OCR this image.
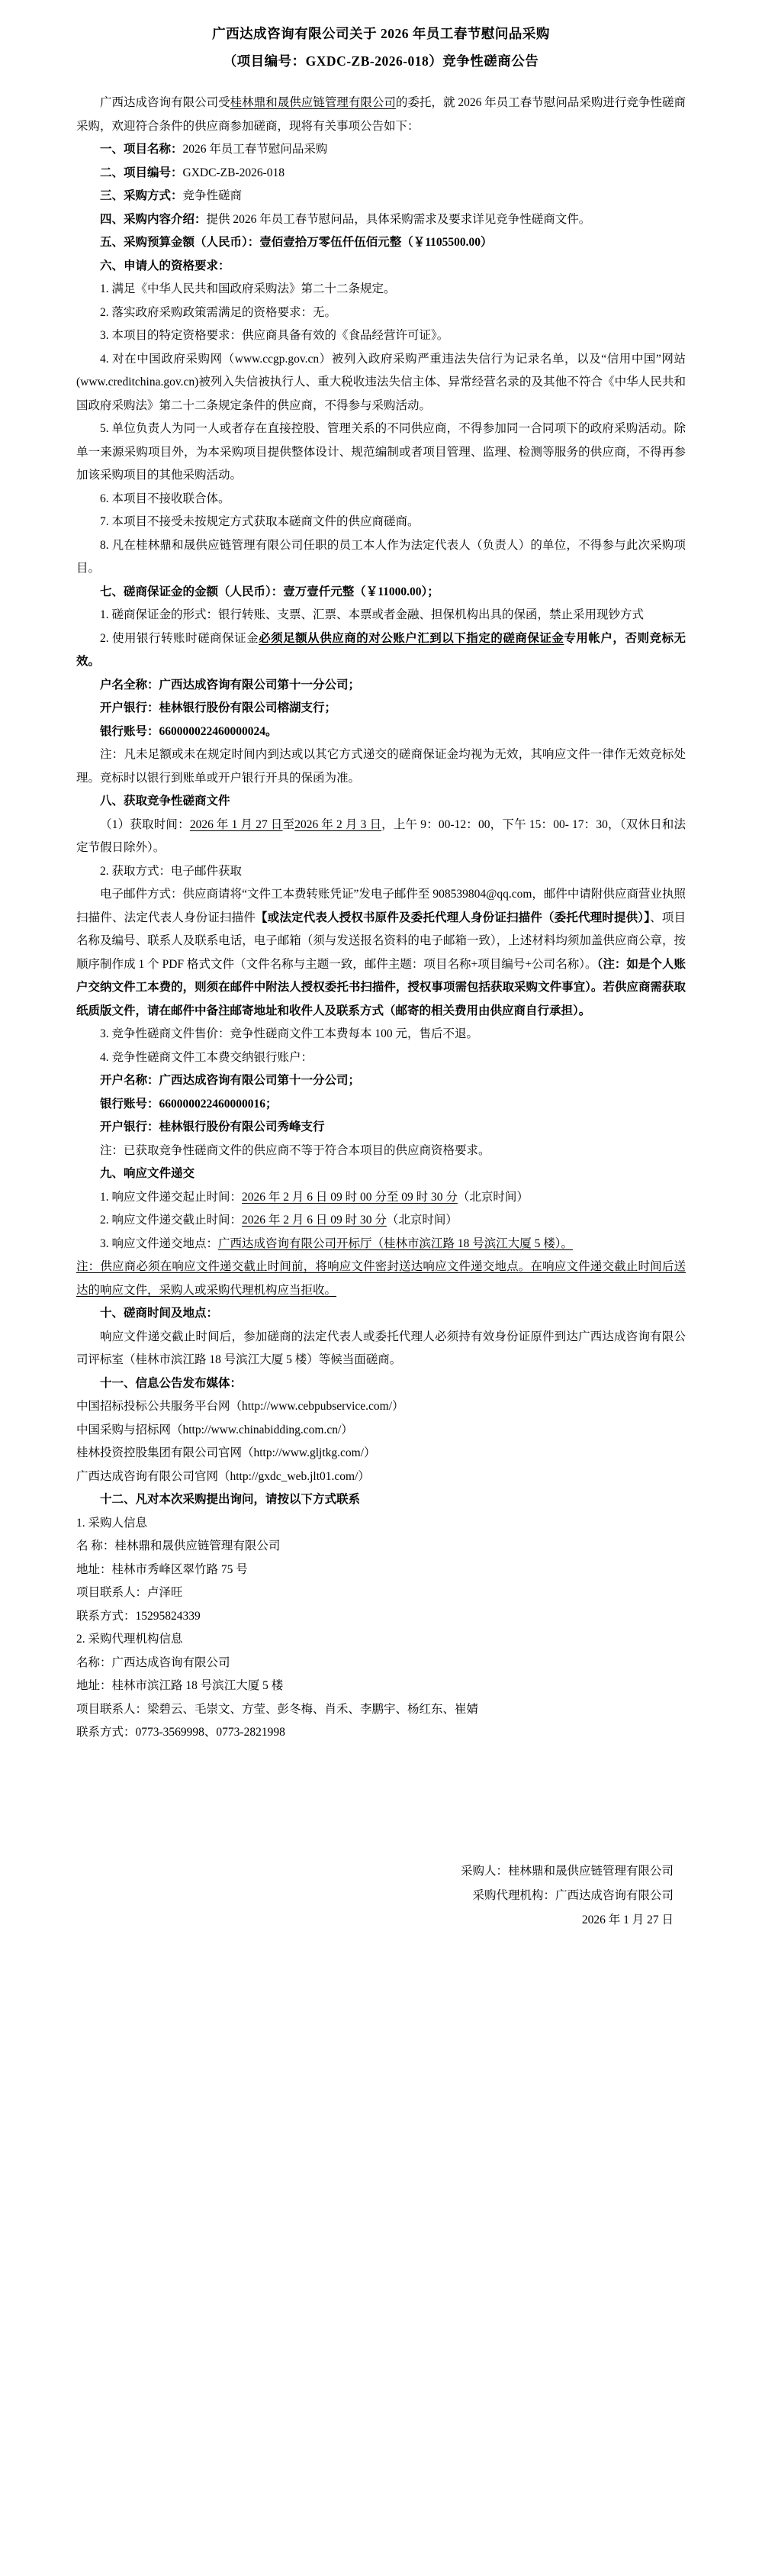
广西达成咨询有限公司关于 2026 年员工春节慰问品采购
（项目编号：GXDC-ZB-2026-018）竞争性磋商公告

广西达成咨询有限公司受桂林鼎和晟供应链管理有限公司的委托，就 2026 年员工春节慰问品采购进行竞争性磋商采购，欢迎符合条件的供应商参加磋商，现将有关事项公告如下：

一、项目名称：2026 年员工春节慰问品采购

二、项目编号：GXDC-ZB-2026-018

三、采购方式：竞争性磋商

四、采购内容介绍：提供 2026 年员工春节慰问品，具体采购需求及要求详见竞争性磋商文件。

五、采购预算金额（人民币）：壹佰壹拾万零伍仟伍佰元整（￥1105500.00）

六、申请人的资格要求：

1. 满足《中华人民共和国政府采购法》第二十二条规定。

2. 落实政府采购政策需满足的资格要求：无。

3. 本项目的特定资格要求：供应商具备有效的《食品经营许可证》。

4. 对在中国政府采购网（www.ccgp.gov.cn）被列入政府采购严重违法失信行为记录名单，以及“信用中国”网站(www.creditchina.gov.cn)被列入失信被执行人、重大税收违法失信主体、异常经营名录的及其他不符合《中华人民共和国政府采购法》第二十二条规定条件的供应商，不得参与采购活动。

5. 单位负责人为同一人或者存在直接控股、管理关系的不同供应商，不得参加同一合同项下的政府采购活动。除单一来源采购项目外，为本采购项目提供整体设计、规范编制或者项目管理、监理、检测等服务的供应商，不得再参加该采购项目的其他采购活动。

6. 本项目不接收联合体。

7. 本项目不接受未按规定方式获取本磋商文件的供应商磋商。

8. 凡在桂林鼎和晟供应链管理有限公司任职的员工本人作为法定代表人（负责人）的单位，不得参与此次采购项目。

七、磋商保证金的金额（人民币）：壹万壹仟元整（￥11000.00）；

1. 磋商保证金的形式：银行转账、支票、汇票、本票或者金融、担保机构出具的保函，禁止采用现钞方式

2. 使用银行转账时磋商保证金必须足额从供应商的对公账户汇到以下指定的磋商保证金专用帐户，否则竞标无效。

户名全称：广西达成咨询有限公司第十一分公司；

开户银行：桂林银行股份有限公司榕湖支行；

银行账号：660000022460000024。

注：凡未足额或未在规定时间内到达或以其它方式递交的磋商保证金均视为无效，其响应文件一律作无效竞标处理。竞标时以银行到账单或开户银行开具的保函为准。

八、获取竞争性磋商文件

（1）获取时间：2026 年 1 月 27 日至2026 年 2 月 3 日，上午 9：00-12：00，下午 15：00- 17：30，（双休日和法定节假日除外）。

2. 获取方式：电子邮件获取

电子邮件方式：供应商请将“文件工本费转账凭证”发电子邮件至 908539804@qq.com，邮件中请附供应商营业执照扫描件、法定代表人身份证扫描件【或法定代表人授权书原件及委托代理人身份证扫描件（委托代理时提供）】、项目名称及编号、联系人及联系电话，电子邮箱（须与发送报名资料的电子邮箱一致），上述材料均须加盖供应商公章，按顺序制作成 1 个 PDF 格式文件（文件名称与主题一致，邮件主题：项目名称+项目编号+公司名称）。（注：如是个人账户交纳文件工本费的，则须在邮件中附法人授权委托书扫描件，授权事项需包括获取采购文件事宜）。若供应商需获取纸质版文件，请在邮件中备注邮寄地址和收件人及联系方式（邮寄的相关费用由供应商自行承担）。

3. 竞争性磋商文件售价：竞争性磋商文件工本费每本 100 元，售后不退。

4. 竞争性磋商文件工本费交纳银行账户：

开户名称：广西达成咨询有限公司第十一分公司；

银行账号：660000022460000016；

开户银行：桂林银行股份有限公司秀峰支行

注：已获取竞争性磋商文件的供应商不等于符合本项目的供应商资格要求。

九、响应文件递交

1. 响应文件递交起止时间：2026 年 2 月 6 日 09 时 00 分至 09 时 30 分（北京时间）

2. 响应文件递交截止时间：2026 年 2 月 6 日 09 时 30 分（北京时间）

3. 响应文件递交地点：广西达成咨询有限公司开标厅（桂林市滨江路 18 号滨江大厦 5 楼）。

注：供应商必须在响应文件递交截止时间前，将响应文件密封送达响应文件递交地点。在响应文件递交截止时间后送达的响应文件，采购人或采购代理机构应当拒收。

十、磋商时间及地点：

响应文件递交截止时间后，参加磋商的法定代表人或委托代理人必须持有效身份证原件到达广西达成咨询有限公司评标室（桂林市滨江路 18 号滨江大厦 5 楼）等候当面磋商。

十一、信息公告发布媒体：

中国招标投标公共服务平台网（http://www.cebpubservice.com/）

中国采购与招标网（http://www.chinabidding.com.cn/）

桂林投资控股集团有限公司官网（http://www.gljtkg.com/）

广西达成咨询有限公司官网（http://gxdc_web.jlt01.com/）

十二、凡对本次采购提出询问，请按以下方式联系

1. 采购人信息

名 称：桂林鼎和晟供应链管理有限公司

地址：桂林市秀峰区翠竹路 75 号

项目联系人：卢泽旺

联系方式：15295824339

2. 采购代理机构信息

名称：广西达成咨询有限公司

地址：桂林市滨江路 18 号滨江大厦 5 楼

项目联系人：梁碧云、毛崇文、方莹、彭冬梅、肖禾、李鹏宇、杨红东、崔婧

联系方式：0773-3569998、0773-2821998

采购人：桂林鼎和晟供应链管理有限公司
采购代理机构：广西达成咨询有限公司
2026 年 1 月 27 日
